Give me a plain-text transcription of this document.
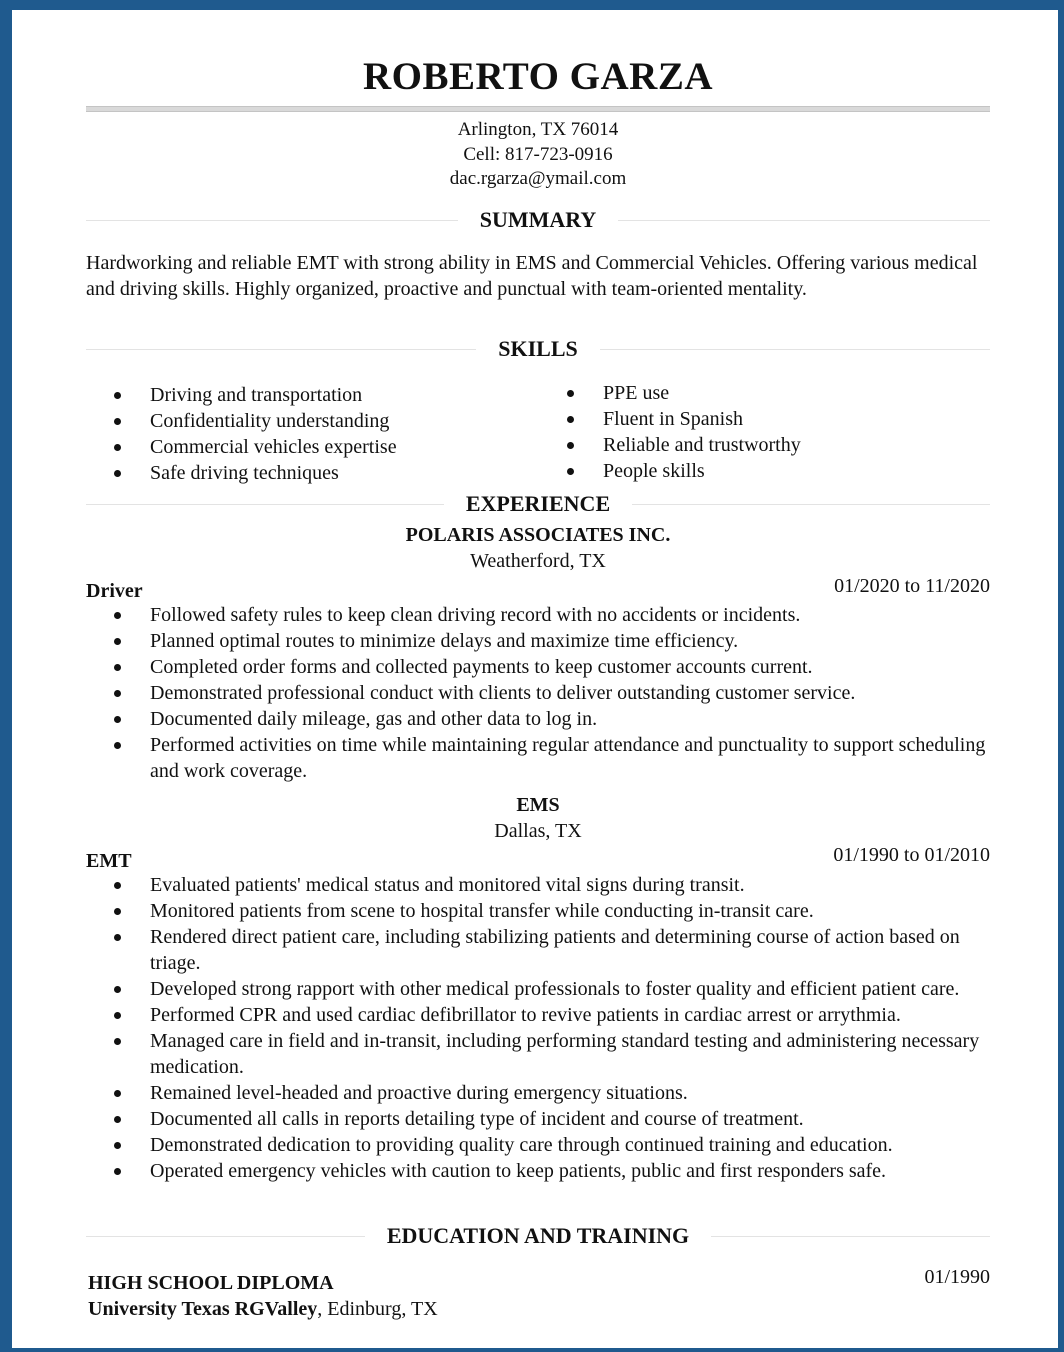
ROBERTO GARZA
Arlington, TX 76014
Cell: 817-723-0916
dac.rgarza@ymail.com
SUMMARY
Hardworking and reliable EMT with strong ability in EMS and Commercial Vehicles. Offering various medical and driving skills. Highly organized, proactive and punctual with team-oriented mentality.
SKILLS
Driving and transportation
Confidentiality understanding
Commercial vehicles expertise
Safe driving techniques
PPE use
Fluent in Spanish
Reliable and trustworthy
People skills
EXPERIENCE
POLARIS ASSOCIATES INC.
Weatherford, TX
Driver	01/2020 to 11/2020
Followed safety rules to keep clean driving record with no accidents or incidents.
Planned optimal routes to minimize delays and maximize time efficiency.
Completed order forms and collected payments to keep customer accounts current.
Demonstrated professional conduct with clients to deliver outstanding customer service.
Documented daily mileage, gas and other data to log in.
Performed activities on time while maintaining regular attendance and punctuality to support scheduling and work coverage.
EMS
Dallas, TX
EMT	01/1990 to 01/2010
Evaluated patients' medical status and monitored vital signs during transit.
Monitored patients from scene to hospital transfer while conducting in-transit care.
Rendered direct patient care, including stabilizing patients and determining course of action based on triage.
Developed strong rapport with other medical professionals to foster quality and efficient patient care.
Performed CPR and used cardiac defibrillator to revive patients in cardiac arrest or arrythmia.
Managed care in field and in-transit, including performing standard testing and administering necessary medication.
Remained level-headed and proactive during emergency situations.
Documented all calls in reports detailing type of incident and course of treatment.
Demonstrated dedication to providing quality care through continued training and education.
Operated emergency vehicles with caution to keep patients, public and first responders safe.
EDUCATION AND TRAINING
HIGH SCHOOL DIPLOMA
University Texas RGValley, Edinburg, TX
01/1990
